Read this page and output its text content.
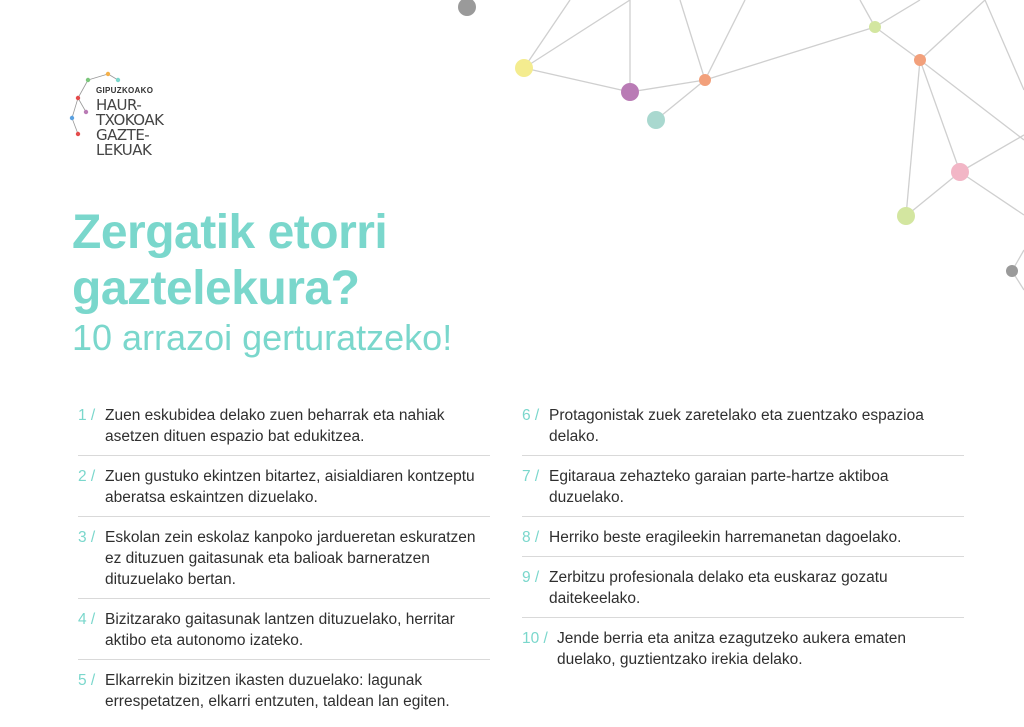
GIPUZKOAKO
HAUR-
TXOKOAK
GAZTE-
LEKUAK
Zergatik etorri
gaztelekura?
10 arrazoi gerturatzeko!
1 / Zuen eskubidea delako zuen beharrak eta nahiak asetzen dituen espazio bat edukitzea.
2 / Zuen gustuko ekintzen bitartez, aisialdiaren kontzeptu aberatsa eskaintzen dizuelako.
3 / Eskolan zein eskolaz kanpoko jarduеretan eskuratzen ez dituzuen gaitasunak eta balioak barneratzen dituzuelako bertan.
4 / Bizitzarako gaitasunak lantzen dituzuelako, herritar aktibo eta autonomo izateko.
5 / Elkarrekin bizitzen ikasten duzuelako: lagunak errespetatzen, elkarri entzuten, taldean lan egiten.
6 / Protagonistak zuek zaretelako eta zuentzako espazioa delako.
7 / Egitaraua zehazteko garaian parte-hartze aktiboa duzuelako.
8 / Herriko beste eragileekin harremanetan dagoelako.
9 / Zerbitzu profesionala delako eta euskaraz gozatu daitekeelako.
10 / Jende berria eta anitza ezagutzeko aukera ematen duelako, guztientzako irekia delako.
